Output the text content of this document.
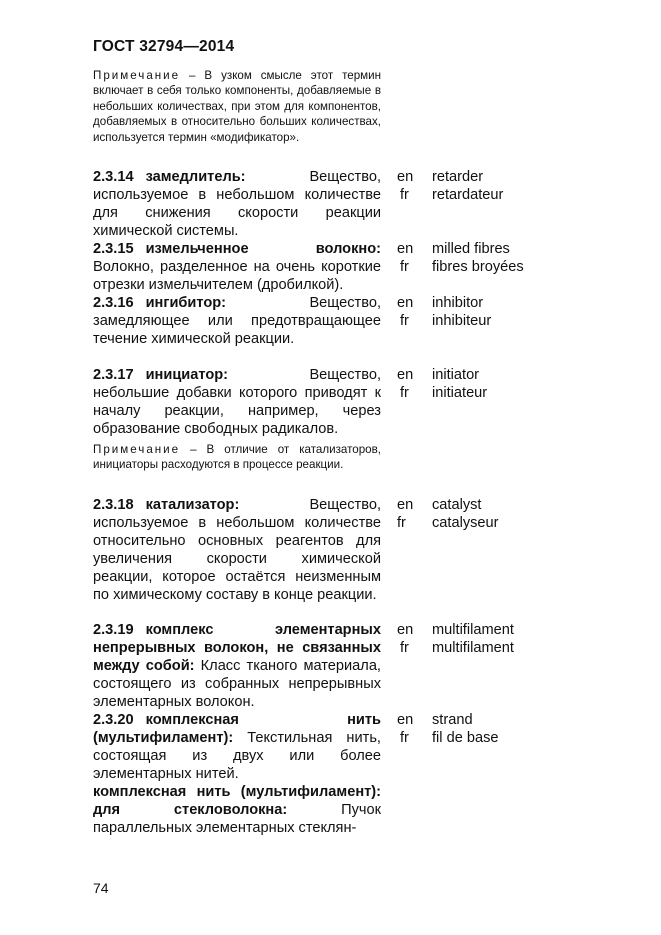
ГОСТ 32794—2014
Примечание – В узком смысле этот термин включает в себя только компоненты, добавляемые в небольших количествах, при этом для компонентов, добавляемых в относительно больших количествах, используется термин «модификатор».
2.3.14 замедлитель: Вещество, используемое в небольшом количестве для снижения скорости реакции химической системы.
en retarder
fr retardateur
2.3.15 измельченное волокно: Волокно, разделенное на очень короткие отрезки измельчителем (дробилкой).
en milled fibres
fr fibres broyées
2.3.16 ингибитор: Вещество, замедляющее или предотвращающее течение химической реакции.
en inhibitor
fr inhibiteur
2.3.17 инициатор: Вещество, небольшие добавки которого приводят к началу реакции, например, через образование свободных радикалов.
en initiator
fr initiateur
Примечание – В отличие от катализаторов, инициаторы расходуются в процессе реакции.
2.3.18 катализатор: Вещество, используемое в небольшом количестве относительно основных реагентов для увеличения скорости химической реакции, которое остаётся неизменным по химическому составу в конце реакции.
en catalyst
fr catalyseur
2.3.19 комплекс элементарных непрерывных волокон, не связанных между собой: Класс тканого материала, состоящего из собранных непрерывных элементарных волокон.
en multifilament
fr multifilament
2.3.20 комплексная нить (мультифиламент): Текстильная нить, состоящая из двух или более элементарных нитей.
en strand
fr fil de base
комплексная нить (мультифиламент): для стекловолокна: Пучок параллельных элементарных стеклян-
74
